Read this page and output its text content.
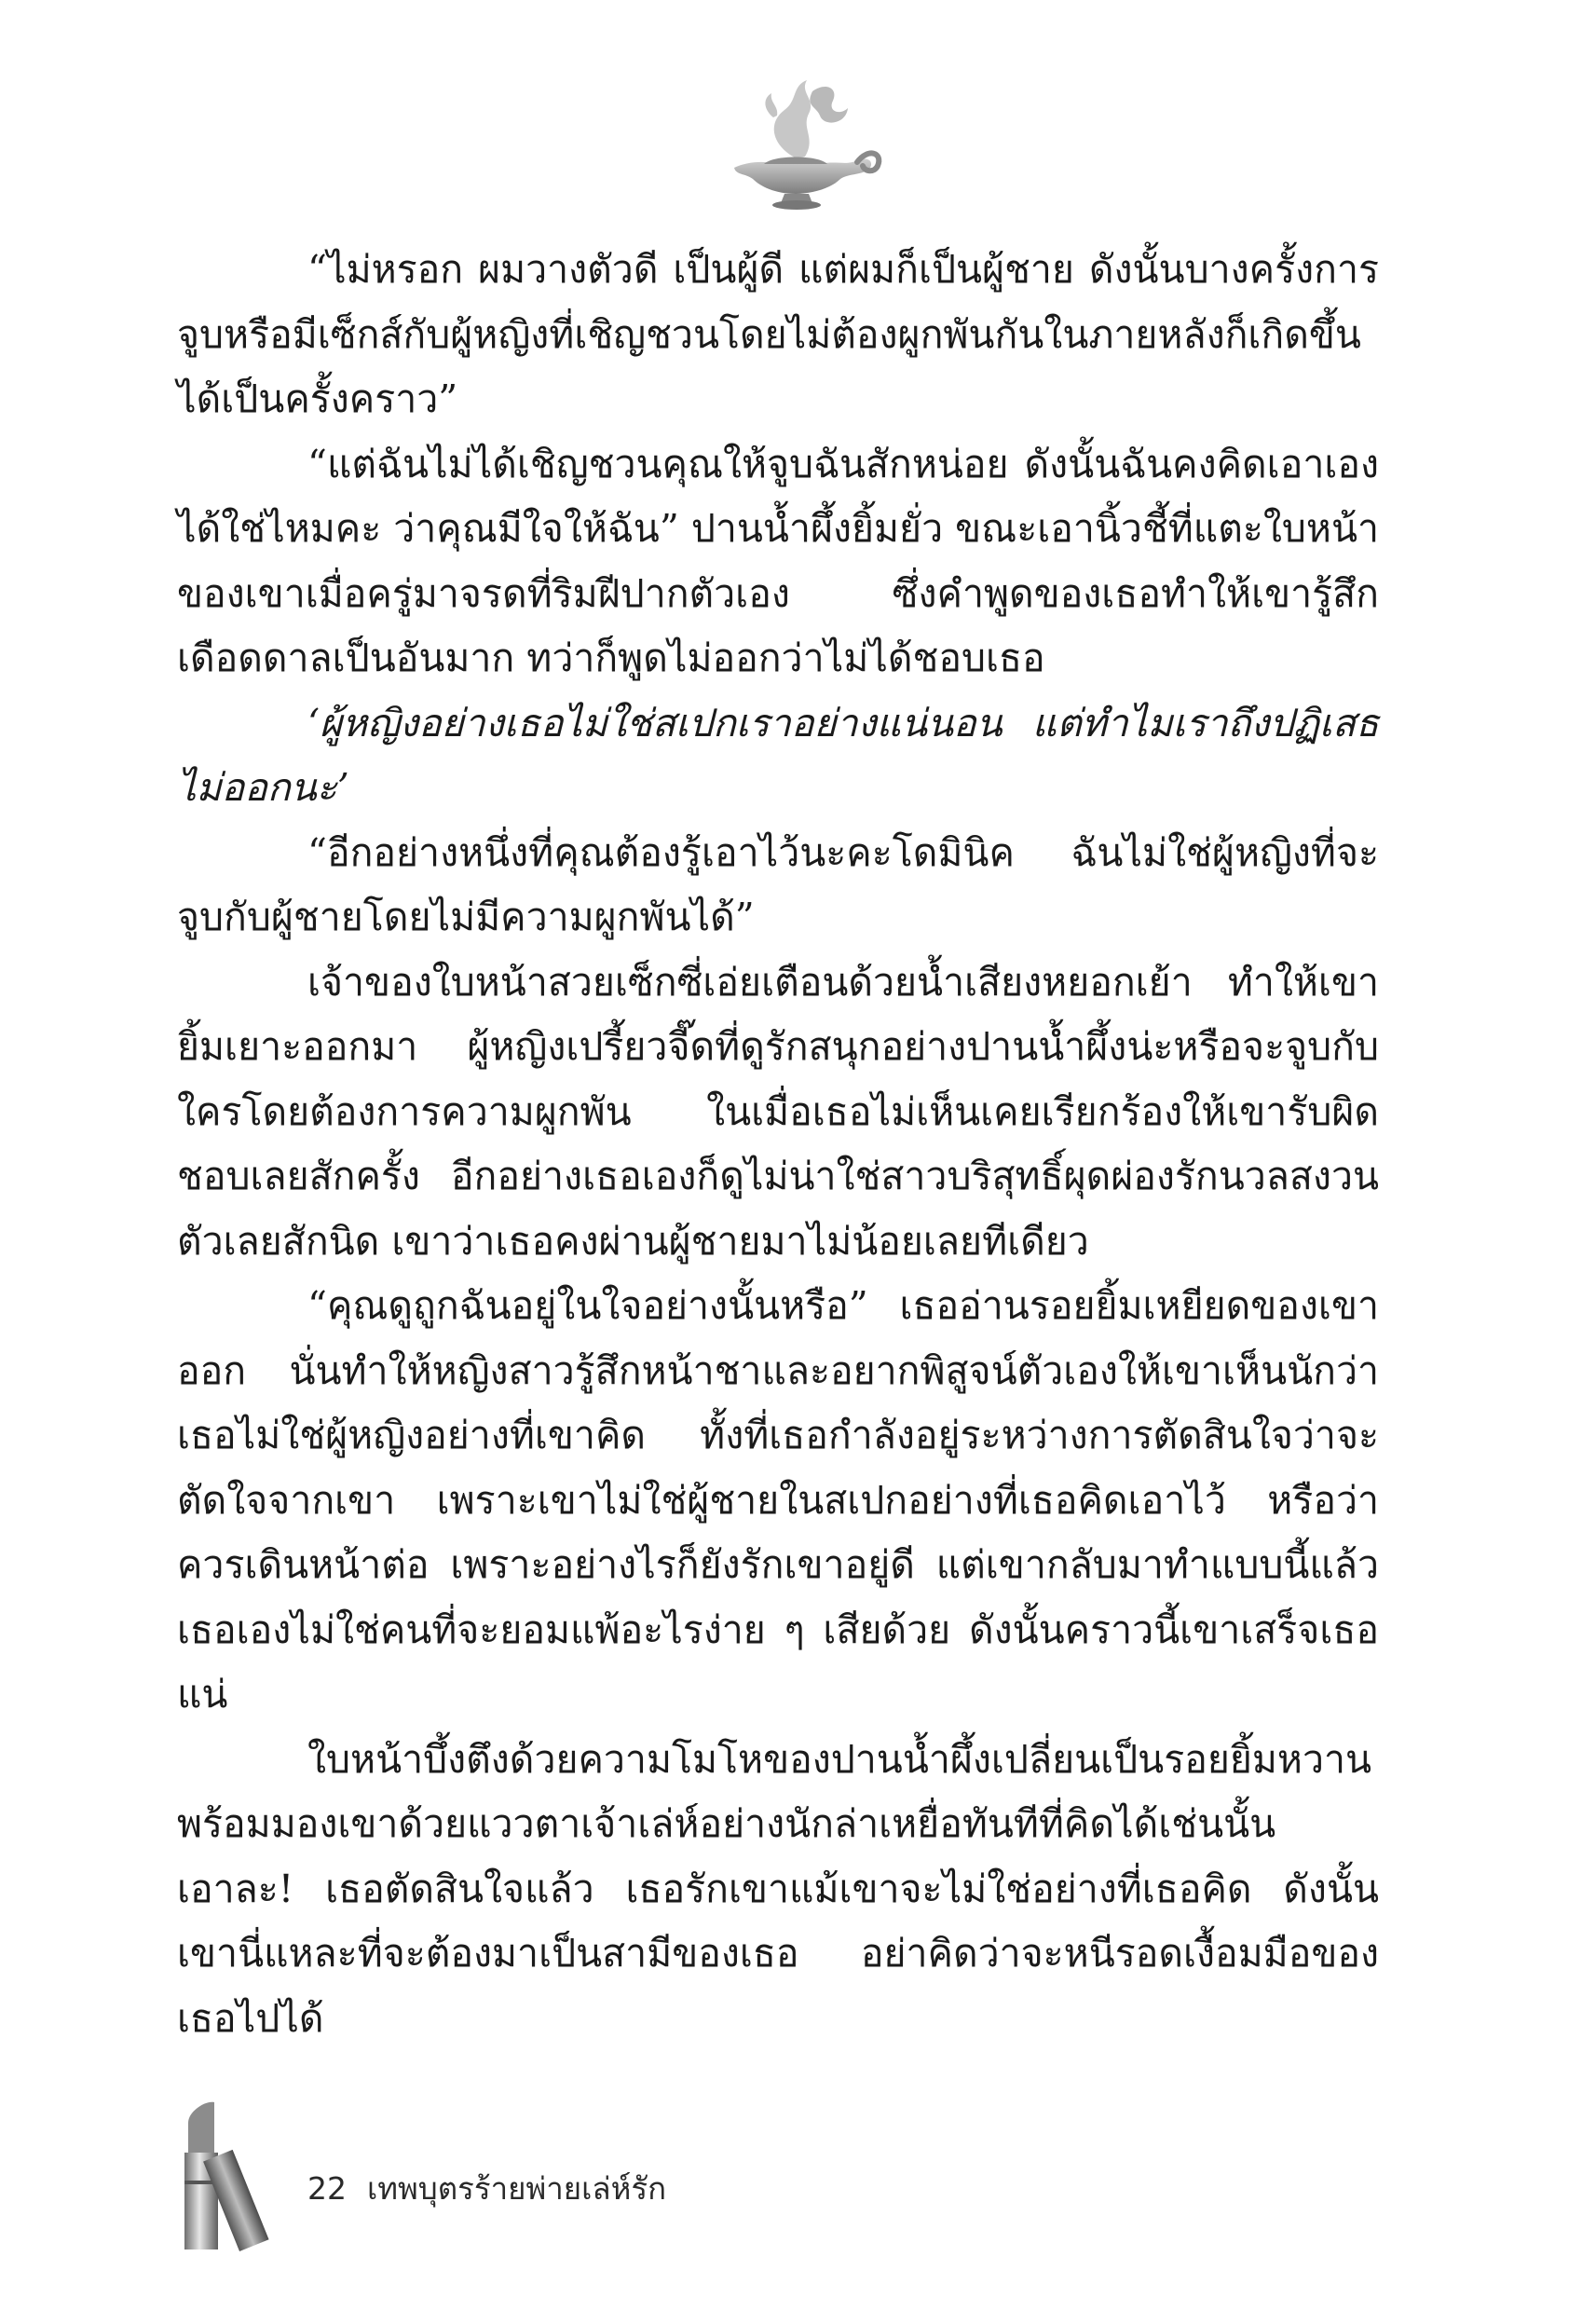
“ไม่หรอก ผมวางตัวดี เป็นผู้ดี แต่ผมก็เป็นผู้ชาย ดังนั้นบางครั้งการจูบหรือมีเซ็กส์กับผู้หญิงที่เชิญชวนโดยไม่ต้องผูกพันกันในภายหลังก็เกิดขึ้นได้เป็นครั้งคราว”

“แต่ฉันไม่ได้เชิญชวนคุณให้จูบฉันสักหน่อย ดังนั้นฉันคงคิดเอาเองได้ใช่ไหมคะ ว่าคุณมีใจให้ฉัน” ปานน้ำผึ้งยิ้มยั่ว ขณะเอานิ้วชี้ที่แตะใบหน้าของเขาเมื่อครู่มาจรดที่ริมฝีปากตัวเอง ซึ่งคำพูดของเธอทำให้เขารู้สึกเดือดดาลเป็นอันมาก ทว่าก็พูดไม่ออกว่าไม่ได้ชอบเธอ

‘ผู้หญิงอย่างเธอไม่ใช่สเปกเราอย่างแน่นอน แต่ทำไมเราถึงปฏิเสธไม่ออกนะ’

“อีกอย่างหนึ่งที่คุณต้องรู้เอาไว้นะคะโดมินิค ฉันไม่ใช่ผู้หญิงที่จะจูบกับผู้ชายโดยไม่มีความผูกพันได้”

เจ้าของใบหน้าสวยเซ็กซี่เอ่ยเตือนด้วยน้ำเสียงหยอกเย้า ทำให้เขายิ้มเยาะออกมา ผู้หญิงเปรี้ยวจี๊ดที่ดูรักสนุกอย่างปานน้ำผึ้งน่ะหรือจะจูบกับใครโดยต้องการความผูกพัน ในเมื่อเธอไม่เห็นเคยเรียกร้องให้เขารับผิดชอบเลยสักครั้ง อีกอย่างเธอเองก็ดูไม่น่าใช่สาวบริสุทธิ์ผุดผ่องรักนวลสงวนตัวเลยสักนิด เขาว่าเธอคงผ่านผู้ชายมาไม่น้อยเลยทีเดียว

“คุณดูถูกฉันอยู่ในใจอย่างนั้นหรือ” เธออ่านรอยยิ้มเหยียดของเขาออก นั่นทำให้หญิงสาวรู้สึกหน้าชาและอยากพิสูจน์ตัวเองให้เขาเห็นนักว่าเธอไม่ใช่ผู้หญิงอย่างที่เขาคิด ทั้งที่เธอกำลังอยู่ระหว่างการตัดสินใจว่าจะตัดใจจากเขา เพราะเขาไม่ใช่ผู้ชายในสเปกอย่างที่เธอคิดเอาไว้ หรือว่าควรเดินหน้าต่อ เพราะอย่างไรก็ยังรักเขาอยู่ดี แต่เขากลับมาทำแบบนี้แล้วเธอเองไม่ใช่คนที่จะยอมแพ้อะไรง่าย ๆ เสียด้วย ดังนั้นคราวนี้เขาเสร็จเธอแน่

ใบหน้าบึ้งตึงด้วยความโมโหของปานน้ำผึ้งเปลี่ยนเป็นรอยยิ้มหวาน พร้อมมองเขาด้วยแววตาเจ้าเล่ห์อย่างนักล่าเหยื่อทันทีที่คิดได้เช่นนั้น เอาละ! เธอตัดสินใจแล้ว เธอรักเขาแม้เขาจะไม่ใช่อย่างที่เธอคิด ดังนั้นเขานี่แหละที่จะต้องมาเป็นสามีของเธอ อย่าคิดว่าจะหนีรอดเงื้อมมือของเธอไปได้

22 เทพบุตรร้ายพ่ายเล่ห์รัก
